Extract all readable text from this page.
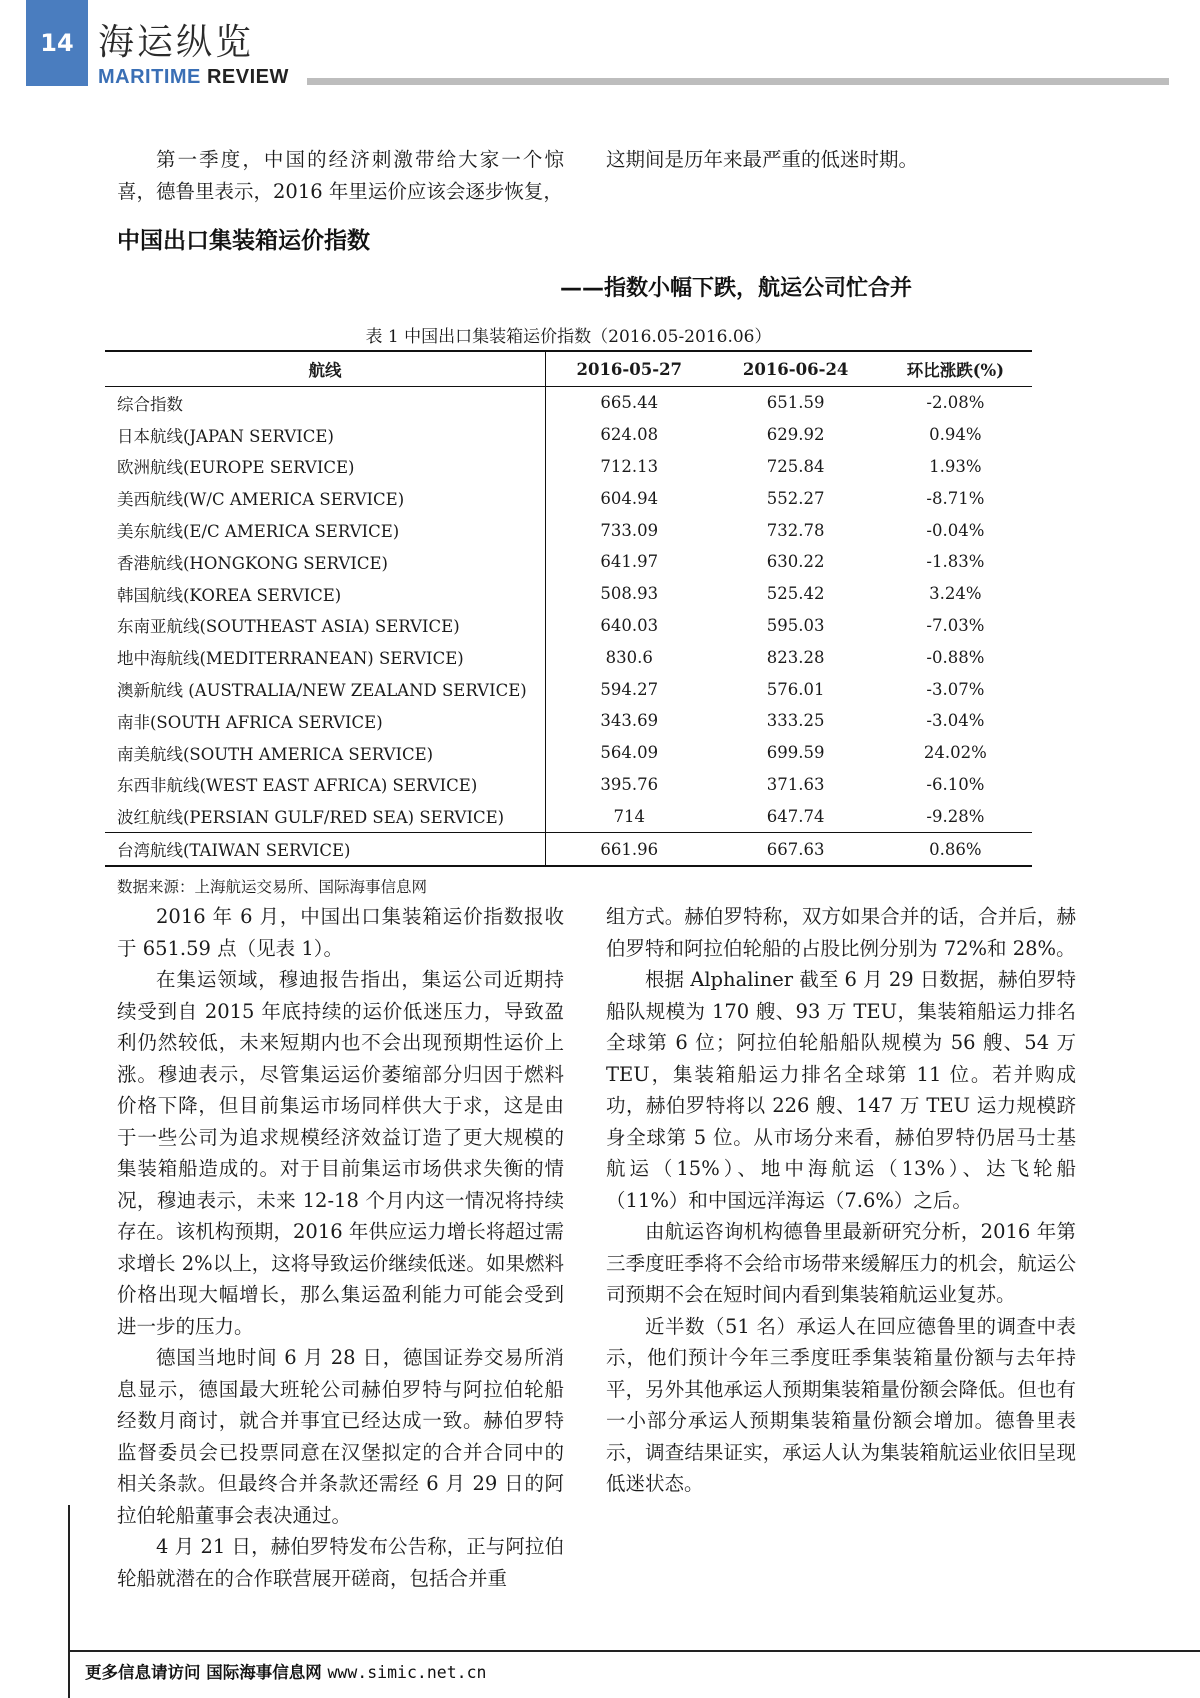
14 海运纵览
MARITIME REVIEW

第一季度，中国的经济刺激带给大家一个惊喜，德鲁里表示，2016 年里运价应该会逐步恢复，

这期间是历年来最严重的低迷时期。

中国出口集装箱运价指数
——指数小幅下跌，航运公司忙合并
表 1 中国出口集装箱运价指数（2016.05-2016.06）
航线	2016-05-27	2016-06-24	环比涨跌(%)
综合指数	665.44	651.59	-2.08%
日本航线(JAPAN SERVICE)	624.08	629.92	0.94%
欧洲航线(EUROPE SERVICE)	712.13	725.84	1.93%
美西航线(W/C AMERICA SERVICE)	604.94	552.27	-8.71%
美东航线(E/C AMERICA SERVICE)	733.09	732.78	-0.04%
香港航线(HONGKONG SERVICE)	641.97	630.22	-1.83%
韩国航线(KOREA SERVICE)	508.93	525.42	3.24%
东南亚航线(SOUTHEAST ASIA) SERVICE)	640.03	595.03	-7.03%
地中海航线(MEDITERRANEAN) SERVICE)	830.6	823.28	-0.88%
澳新航线 (AUSTRALIA/NEW ZEALAND SERVICE)	594.27	576.01	-3.07%
南非(SOUTH AFRICA SERVICE)	343.69	333.25	-3.04%
南美航线(SOUTH AMERICA SERVICE)	564.09	699.59	24.02%
东西非航线(WEST EAST AFRICA) SERVICE)	395.76	371.63	-6.10%
波红航线(PERSIAN GULF/RED SEA) SERVICE)	714	647.74	-9.28%
台湾航线(TAIWAN SERVICE)	661.96	667.63	0.86%
数据来源：上海航运交易所、国际海事信息网

2016 年 6 月，中国出口集装箱运价指数报收于 651.59 点（见表 1）。

在集运领域，穆迪报告指出，集运公司近期持续受到自 2015 年底持续的运价低迷压力，导致盈利仍然较低，未来短期内也不会出现预期性运价上涨。穆迪表示，尽管集运运价萎缩部分归因于燃料价格下降，但目前集运市场同样供大于求，这是由于一些公司为追求规模经济效益订造了更大规模的集装箱船造成的。对于目前集运市场供求失衡的情况，穆迪表示，未来 12-18 个月内这一情况将持续存在。该机构预期，2016 年供应运力增长将超过需求增长 2%以上，这将导致运价继续低迷。如果燃料价格出现大幅增长，那么集运盈利能力可能会受到进一步的压力。

德国当地时间 6 月 28 日，德国证券交易所消息显示，德国最大班轮公司赫伯罗特与阿拉伯轮船经数月商讨，就合并事宜已经达成一致。赫伯罗特监督委员会已投票同意在汉堡拟定的合并合同中的相关条款。但最终合并条款还需经 6 月 29 日的阿拉伯轮船董事会表决通过。

4 月 21 日，赫伯罗特发布公告称，正与阿拉伯轮船就潜在的合作联营展开磋商，包括合并重

组方式。赫伯罗特称，双方如果合并的话，合并后，赫伯罗特和阿拉伯轮船的占股比例分别为 72%和 28%。

根据 Alphaliner 截至 6 月 29 日数据，赫伯罗特船队规模为 170 艘、93 万 TEU，集装箱船运力排名全球第 6 位；阿拉伯轮船船队规模为 56 艘、54 万 TEU，集装箱船运力排名全球第 11 位。若并购成功，赫伯罗特将以 226 艘、147 万 TEU 运力规模跻身全球第 5 位。从市场分来看，赫伯罗特仍居马士基航运（15%）、地中海航运（13%）、达飞轮船（11%）和中国远洋海运（7.6%）之后。

由航运咨询机构德鲁里最新研究分析，2016 年第三季度旺季将不会给市场带来缓解压力的机会，航运公司预期不会在短时间内看到集装箱航运业复苏。

近半数（51 名）承运人在回应德鲁里的调查中表示，他们预计今年三季度旺季集装箱量份额与去年持平，另外其他承运人预期集装箱量份额会降低。但也有一小部分承运人预期集装箱量份额会增加。德鲁里表示，调查结果证实，承运人认为集装箱航运业依旧呈现低迷状态。

更多信息请访问 国际海事信息网 www.simic.net.cn
